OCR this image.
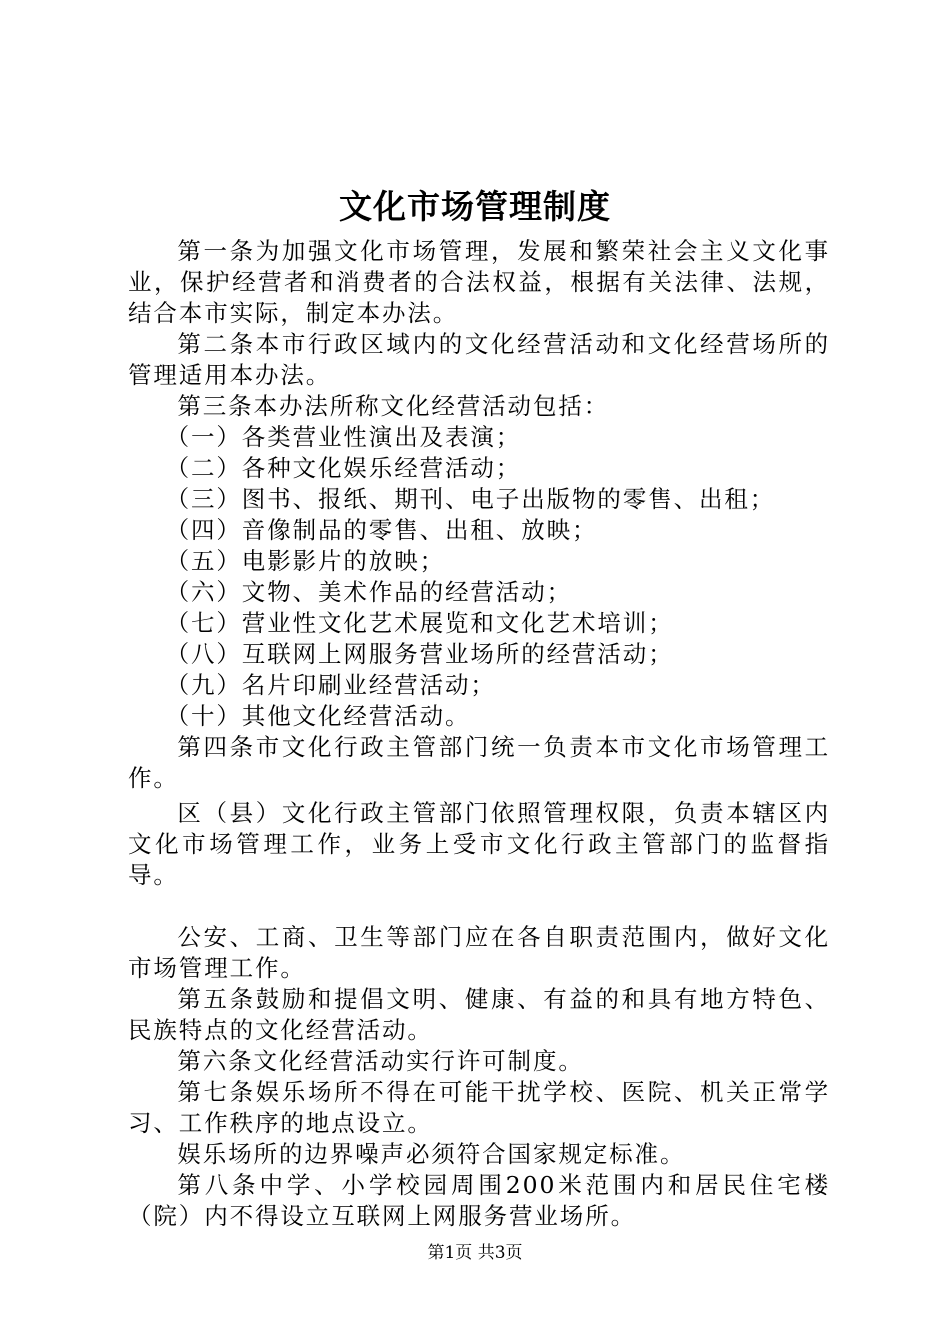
文化市场管理制度

第一条为加强文化市场管理，发展和繁荣社会主义文化事业，保护经营者和消费者的合法权益，根据有关法律、法规，结合本市实际，制定本办法。

第二条本市行政区域内的文化经营活动和文化经营场所的管理适用本办法。

第三条本办法所称文化经营活动包括：

（一）各类营业性演出及表演；

（二）各种文化娱乐经营活动；

（三）图书、报纸、期刊、电子出版物的零售、出租；

（四）音像制品的零售、出租、放映；

（五）电影影片的放映；

（六）文物、美术作品的经营活动；

（七）营业性文化艺术展览和文化艺术培训；

（八）互联网上网服务营业场所的经营活动；

（九）名片印刷业经营活动；

（十）其他文化经营活动。

第四条市文化行政主管部门统一负责本市文化市场管理工作。

区（县）文化行政主管部门依照管理权限，负责本辖区内文化市场管理工作，业务上受市文化行政主管部门的监督指导。

公安、工商、卫生等部门应在各自职责范围内，做好文化市场管理工作。

第五条鼓励和提倡文明、健康、有益的和具有地方特色、民族特点的文化经营活动。

第六条文化经营活动实行许可制度。

第七条娱乐场所不得在可能干扰学校、医院、机关正常学习、工作秩序的地点设立。

娱乐场所的边界噪声必须符合国家规定标准。

第八条中学、小学校园周围200米范围内和居民住宅楼（院）内不得设立互联网上网服务营业场所。

第1页 共3页
